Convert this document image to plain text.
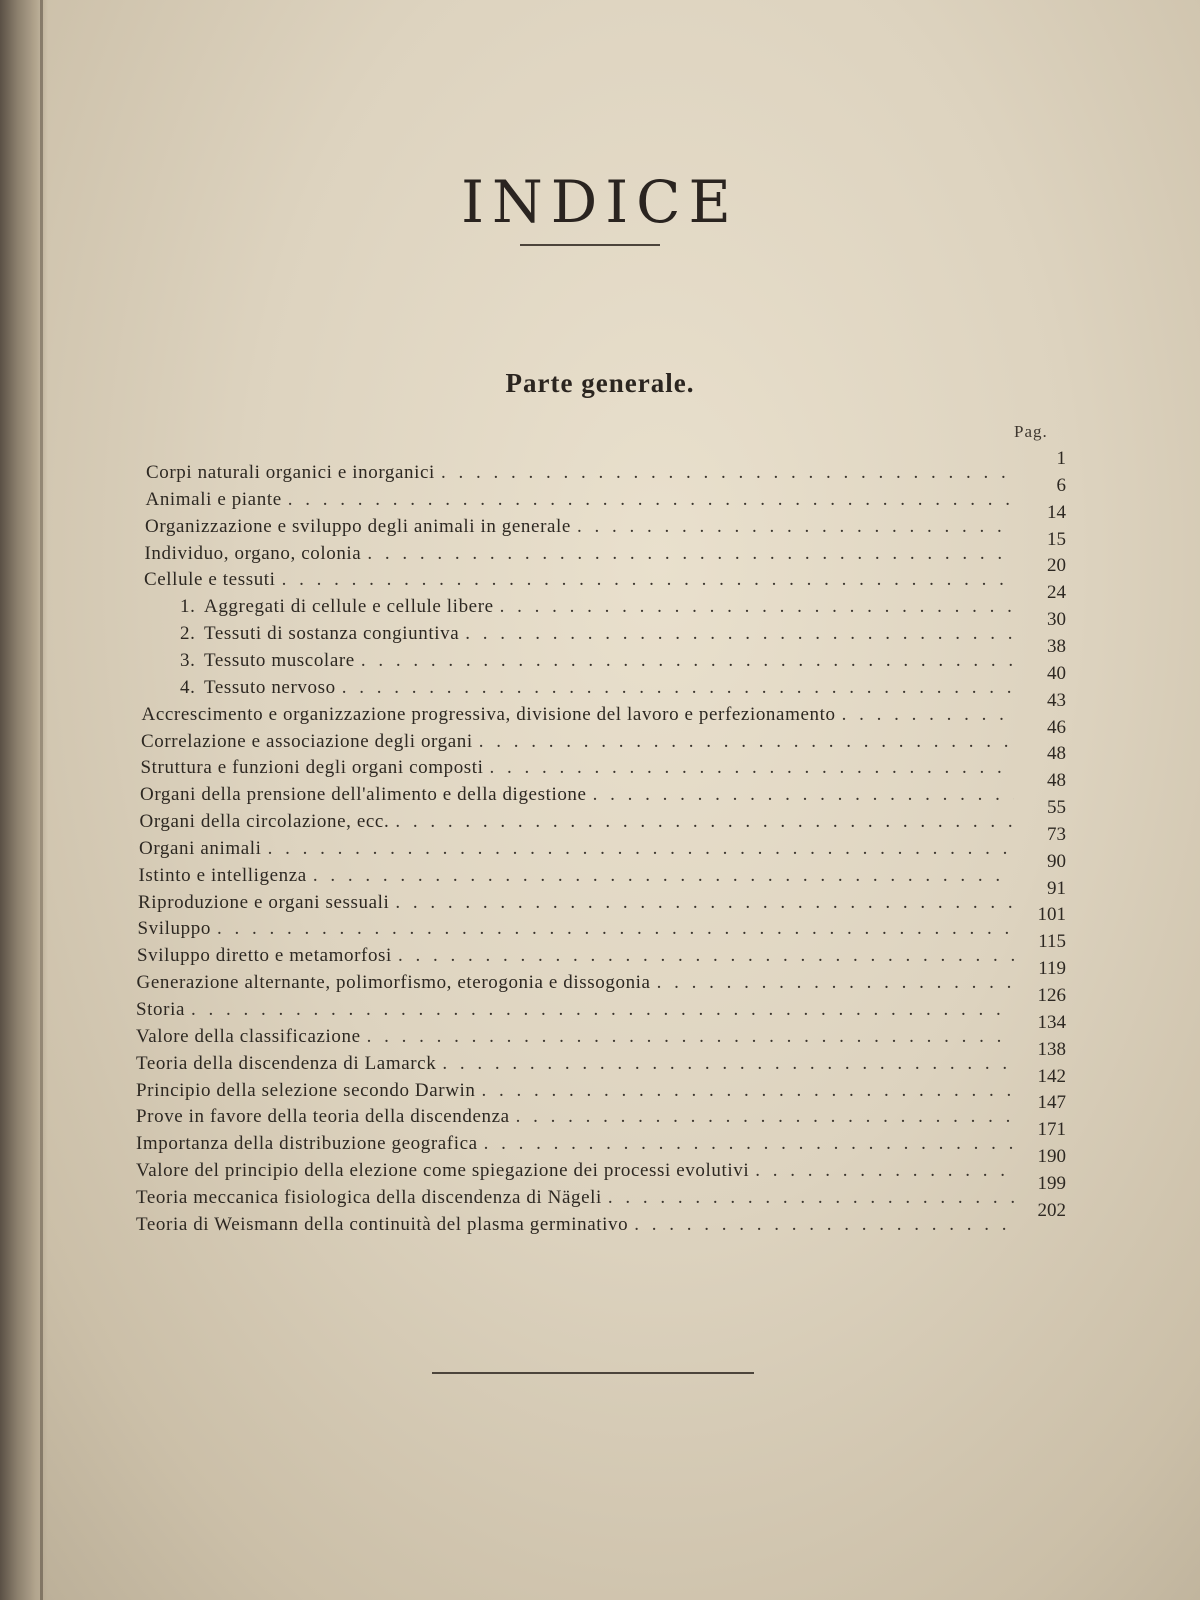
INDICE
Parte generale.
Pag.
Corpi naturali organici e inorganici
. . .
1
Animali e piante
. . .
6
Organizzazione e sviluppo degli animali in generale
. . .
14
Individuo, organo, colonia
. . .
15
Cellule e tessuti
. . .
20
1. Aggregati di cellule e cellule libere
. . .
24
2. Tessuti di sostanza congiuntiva
. . .
30
3. Tessuto muscolare
. . .
38
4. Tessuto nervoso
. . .
40
Accrescimento e organizzazione progressiva, divisione del lavoro e perfezionamento
. . .
43
Correlazione e associazione degli organi
. . .
46
Struttura e funzioni degli organi composti
. . .
48
Organi della prensione dell'alimento e della digestione
. . .
48
Organi della circolazione, ecc.
. . .
55
Organi animali
. . .
73
Istinto e intelligenza
. . .
90
Riproduzione e organi sessuali
. . .
91
Sviluppo
. . .
101
Sviluppo diretto e metamorfosi
. . .
115
Generazione alternante, polimorfismo, eterogonia e dissogonia
. . .
119
Storia
. . .
126
Valore della classificazione
. . .
134
Teoria della discendenza di Lamarck
. . .
138
Principio della selezione secondo Darwin
. . .
142
Prove in favore della teoria della discendenza
. . .
147
Importanza della distribuzione geografica
. . .
171
Valore del principio della elezione come spiegazione dei processi evolutivi
. . .
190
Teoria meccanica fisiologica della discendenza di Nägeli
. . .
199
Teoria di Weismann della continuità del plasma germinativo
. . .
202
